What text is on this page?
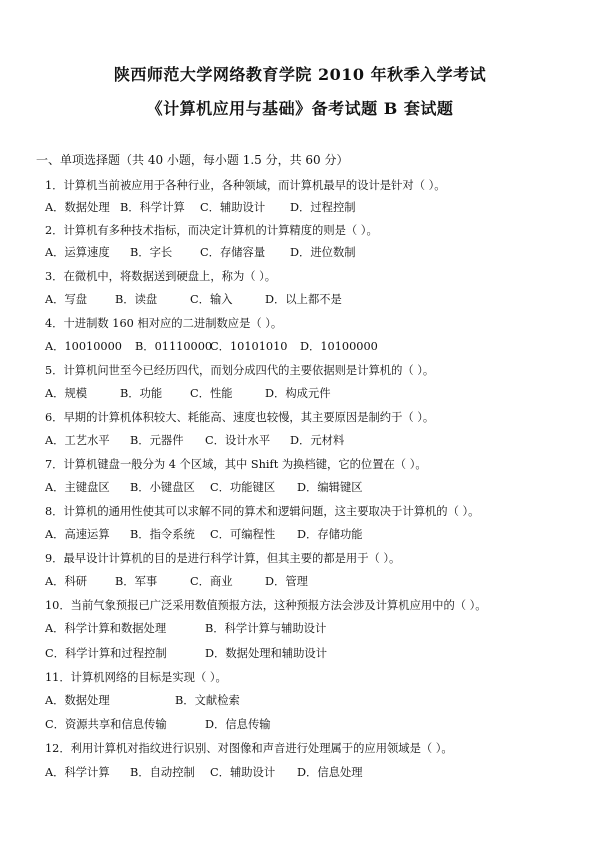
陕西师范大学网络教育学院 2010 年秋季入学考试
《计算机应用与基础》备考试题 B 套试题
一、单项选择题（共 40 小题，每小题 1.5 分，共 60 分）
1．计算机当前被应用于各种行业，各种领域，而计算机最早的设计是针对（ ）。
A．数据处理 B．科学计算 C．辅助设计 D．过程控制
2．计算机有多种技术指标，而决定计算机的计算精度的则是（ ）。
A．运算速度 B．字长 C．存储容量 D．进位数制
3．在微机中，将数据送到硬盘上，称为（ ）。
A．写盘 B．读盘	C．输入	D．以上都不是
4．十进制数 160 相对应的二进制数应是（ ）。
A．10010000 B．01110000
C．10101010 D．10100000
5．计算机问世至今已经历四代，而划分成四代的主要依据则是计算机的（ ）。
A．规模	B．功能 C．性能	D．构成元件
6．早期的计算机体积较大、耗能高、速度也较慢，其主要原因是制约于（ ）。
A．工艺水平 B．元器件 C．设计水平 D．元材料
7．计算机键盘一般分为 4 个区域，其中 Shift 为换档键，它的位置在（ ）。
A．主键盘区 B．小键盘区 C．功能键区 D．编辑键区
8．计算机的通用性使其可以求解不同的算术和逻辑问题，这主要取决于计算机的（ ）。
A．高速运算 B．指令系统 C．可编程性 D．存储功能
9．最早设计计算机的目的是进行科学计算，但其主要的都是用于（ ）。
A．科研 B．军事	C．商业	D．管理
10．当前气象预报已广泛采用数值预报方法，这种预报方法会涉及计算机应用中的（ ）。
A．科学计算和数据处理	B．科学计算与辅助设计
C．科学计算和过程控制	D．数据处理和辅助设计
11．计算机网络的目标是实现（ ）。
A．数据处理	B．文献检索
C．资源共享和信息传输	D．信息传输
12．利用计算机对指纹进行识别、对图像和声音进行处理属于的应用领域是（ ）。
A．科学计算 B．自动控制 C．辅助设计 D．信息处理
